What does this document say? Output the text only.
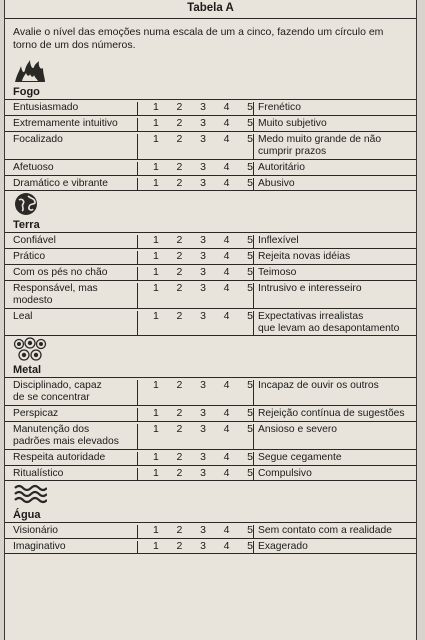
Tabela A
Avalie o nível das emoções numa escala de um a cinco, fazendo um círculo em torno de um dos números.
Fogo
Entusiasmado	1 2 3 4 5 Frenético
Extremamente intuitivo	1 2 3 4 5 Muito subjetivo
Focalizado	1 2 3 4 5 Medo muito grande de não
cumprir prazos
Afetuoso	1 2 3 4 5 Autoritário
Dramático e vibrante	1 2 3 4 5 Abusivo
Terra
Confiável	1 2 3 4 5 Inflexível
Prático	1 2 3 4 5 Rejeita novas idéias
Com os pés no chão	1 2 3 4 5 Teimoso
Responsável, mas
modesto
1 2 3 4 5 Intrusivo e interesseiro
Leal	1 2 3 4 5 Expectativas irrealistas
que levam ao desapontamento
Metal
Disciplinado, capaz
de se concentrar
1 2 3 4 5 Incapaz de ouvir os outros
Perspicaz	1 2 3 4 5 Rejeição contínua de sugestões
Manutenção dos
padrões mais elevados
1 2 3 4 5 Ansioso e severo
Respeita autoridade	1 2 3 4 5 Segue cegamente
Ritualístico	1 2 3 4 5 Compulsivo
Água
Visionário	1 2 3 4 5 Sem contato com a realidade
Imaginativo	1 2 3 4 5 Exagerado
